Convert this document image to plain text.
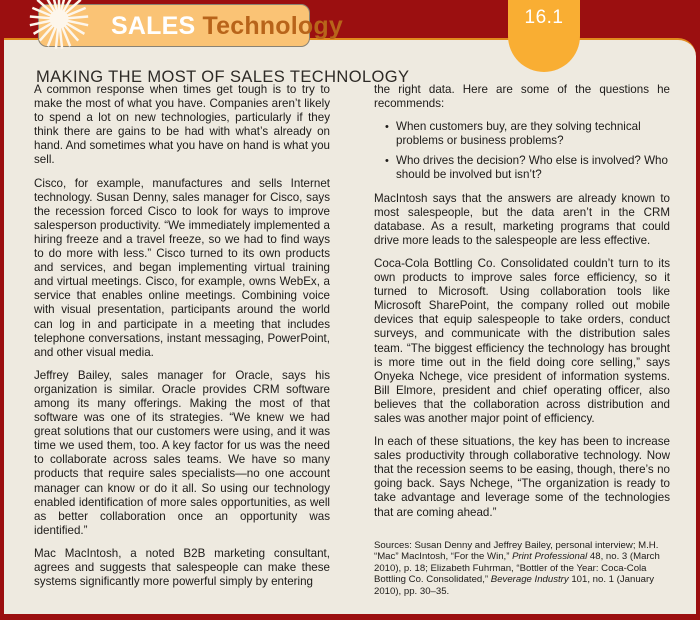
16.1
MAKING THE MOST OF SALES TECHNOLOGY

A common response when times get tough is to try to make the most of what you have. Companies aren’t likely to spend a lot on new technologies, particularly if they think there are gains to be had with what’s already on hand. And sometimes what you have on hand is what you sell.

Cisco, for example, manufactures and sells Internet technology. Susan Denny, sales manager for Cisco, says the recession forced Cisco to look for ways to improve salesperson productivity. “We immediately implemented a hiring freeze and a travel freeze, so we had to find ways to do more with less.” Cisco turned to its own products and services, and began implementing virtual training and virtual meetings. Cisco, for example, owns WebEx, a service that enables online meetings. Combining voice with visual presentation, participants around the world can log in and participate in a meeting that includes telephone conversations, instant messaging, PowerPoint, and other visual media.

Jeffrey Bailey, sales manager for Oracle, says his organization is similar. Oracle provides CRM software among its many offerings. Making the most of that software was one of its strategies. “We knew we had great solutions that our customers were using, and it was time we used them, too. A key factor for us was the need to collaborate across sales teams. We have so many products that require sales specialists—no one account manager can know or do it all. So using our technology enabled identification of more sales opportunities, as well as better collaboration once an opportunity was identified.”

Mac MacIntosh, a noted B2B marketing consultant, agrees and suggests that salespeople can make these systems significantly more powerful simply by entering

the right data. Here are some of the questions he recommends:

• When customers buy, are they solving technical problems or business problems?
• Who drives the decision? Who else is involved? Who should be involved but isn’t?

MacIntosh says that the answers are already known to most salespeople, but the data aren’t in the CRM database. As a result, marketing programs that could drive more leads to the salespeople are less effective.

Coca-Cola Bottling Co. Consolidated couldn’t turn to its own products to improve sales force efficiency, so it turned to Microsoft. Using collaboration tools like Microsoft SharePoint, the company rolled out mobile devices that equip salespeople to take orders, conduct surveys, and communicate with the distribution sales team. “The biggest efficiency the technology has brought is more time out in the field doing core selling,” says Onyeka Nchege, vice president of information systems. Bill Elmore, president and chief operating officer, also believes that the collaboration across distribution and sales was another major point of efficiency.

In each of these situations, the key has been to increase sales productivity through collaborative technology. Now that the recession seems to be easing, though, there’s no going back. Says Nchege, “The organization is ready to take advantage and leverage some of the technologies that are coming ahead.”

Sources: Susan Denny and Jeffrey Bailey, personal interview; M.H. “Mac” MacIntosh, “For the Win,” Print Professional 48, no. 3 (March 2010), p. 18; Elizabeth Fuhrman, “Bottler of the Year: Coca-Cola Bottling Co. Consolidated,” Beverage Industry 101, no. 1 (January 2010), pp. 30–35.
SALES Technology
